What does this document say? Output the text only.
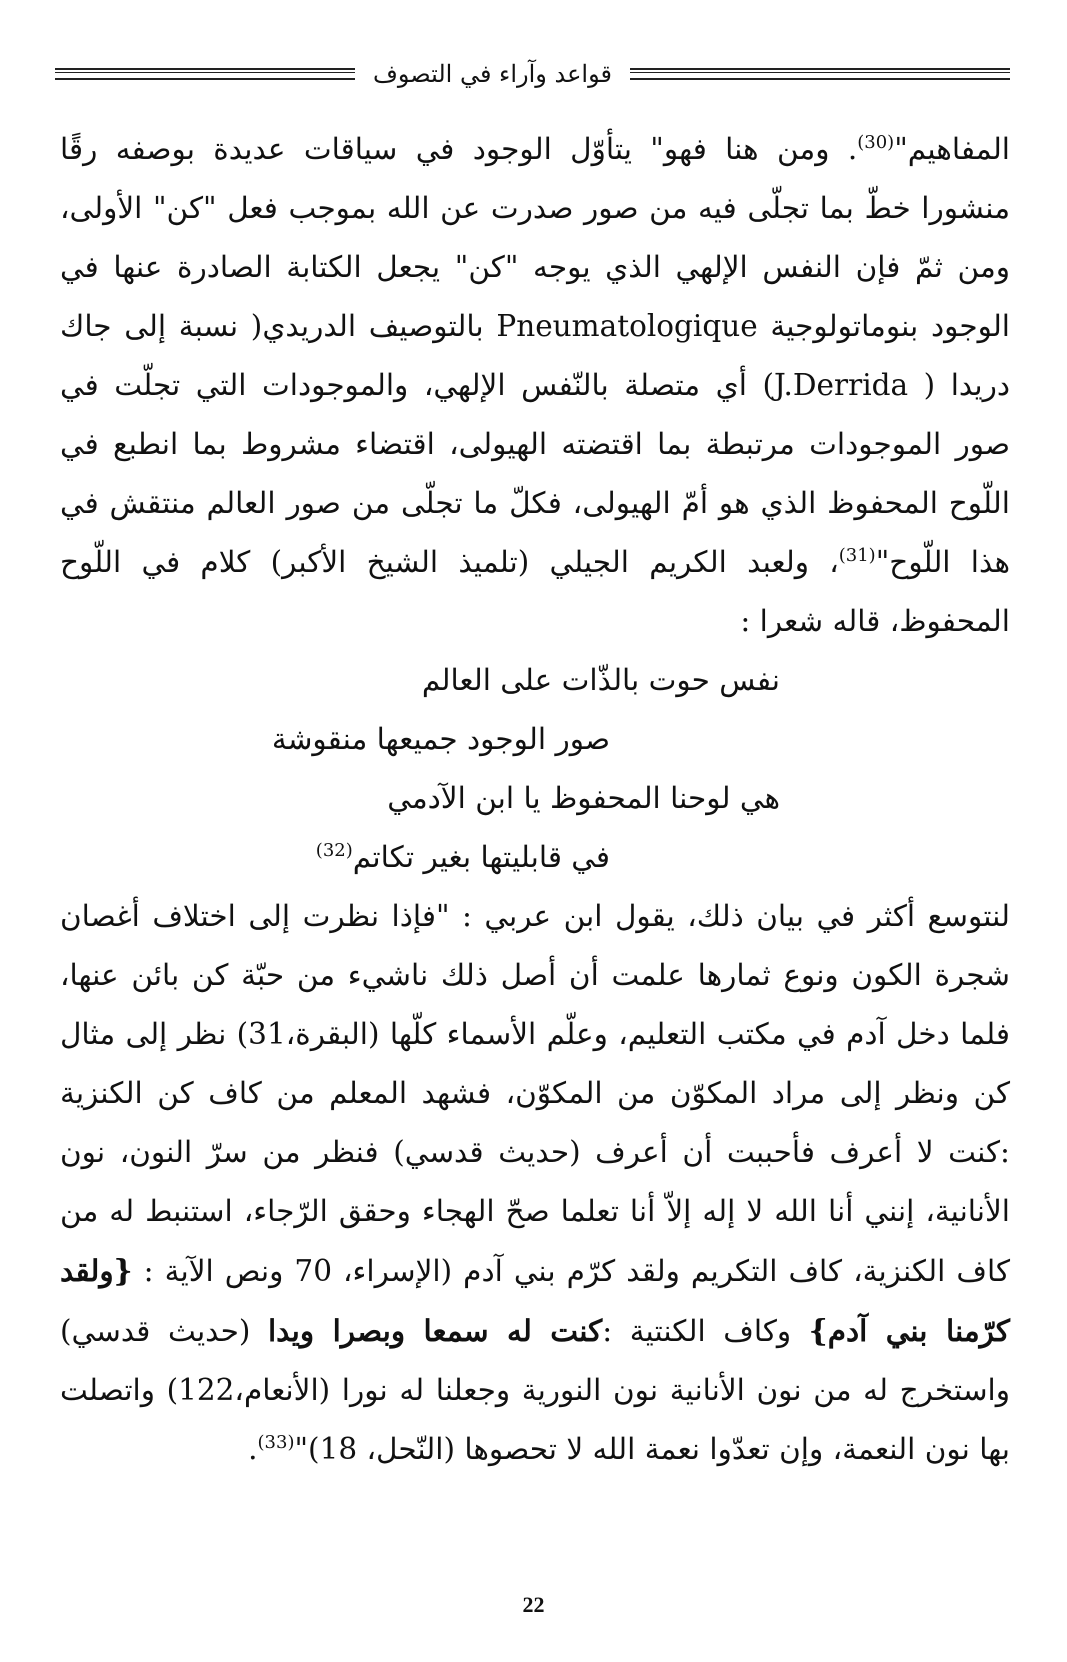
قواعد وآراء في التصوف

المفاهيم"$^{(30)}$. ومن هنا فهو" يتأوّل الوجود في سياقات عديدة بوصفه رقًا منشورا خطّ بما تجلّى فيه من صور صدرت عن الله بموجب فعل "كن" الأولى، ومن ثمّ فإن النفس الإلهي الذي يوجه "كن" يجعل الكتابة الصادرة عنها في الوجود بنوماتولوجية Pneumatologique بالتوصيف الدريدي( نسبة إلى جاك دريدا ( J.Derrida) أي متصلة بالنّفس الإلهي، والموجودات التي تجلّت في صور الموجودات مرتبطة بما اقتضته الهيولى، اقتضاء مشروط بما انطبع في اللّوح المحفوظ الذي هو أمّ الهيولى، فكلّ ما تجلّى من صور العالم منتقش في هذا اللّوح"$^{(31)}$، ولعبد الكريم الجيلي (تلميذ الشيخ الأكبر) كلام في اللّوح المحفوظ، قاله شعرا :

نفس حوت بالذّات على العالم
صور الوجود جميعها منقوشة
هي لوحنا المحفوظ يا ابن الآدمي
في قابليتها بغير تكاتم$^{(32)}$

لنتوسع أكثر في بيان ذلك، يقول ابن عربي : "فإذا نظرت إلى اختلاف أغصان شجرة الكون ونوع ثمارها علمت أن أصل ذلك ناشيء من حبّة كن بائن عنها، فلما دخل آدم في مكتب التعليم، وعلّم الأسماء كلّها (البقرة،31) نظر إلى مثال كن ونظر إلى مراد المكوّن من المكوّن، فشهد المعلم من كاف كن الكنزية :كنت لا أعرف فأحببت أن أعرف (حديث قدسي) فنظر من سرّ النون، نون الأنانية، إنني أنا الله لا إله إلاّ أنا تعلما صحّ الهجاء وحقق الرّجاء، استنبط له من كاف الكنزية، كاف التكريم ولقد كرّم بني آدم (الإسراء، 70 ونص الآية : {ولقد كرّمنا بني آدم} وكاف الكنتية :كنت له سمعا وبصرا ويدا (حديث قدسي) واستخرج له من نون الأنانية نون النورية وجعلنا له نورا (الأنعام،122) واتصلت بها نون النعمة، وإن تعدّوا نعمة الله لا تحصوها (النّحل، 18)"$^{(33)}$.

22
